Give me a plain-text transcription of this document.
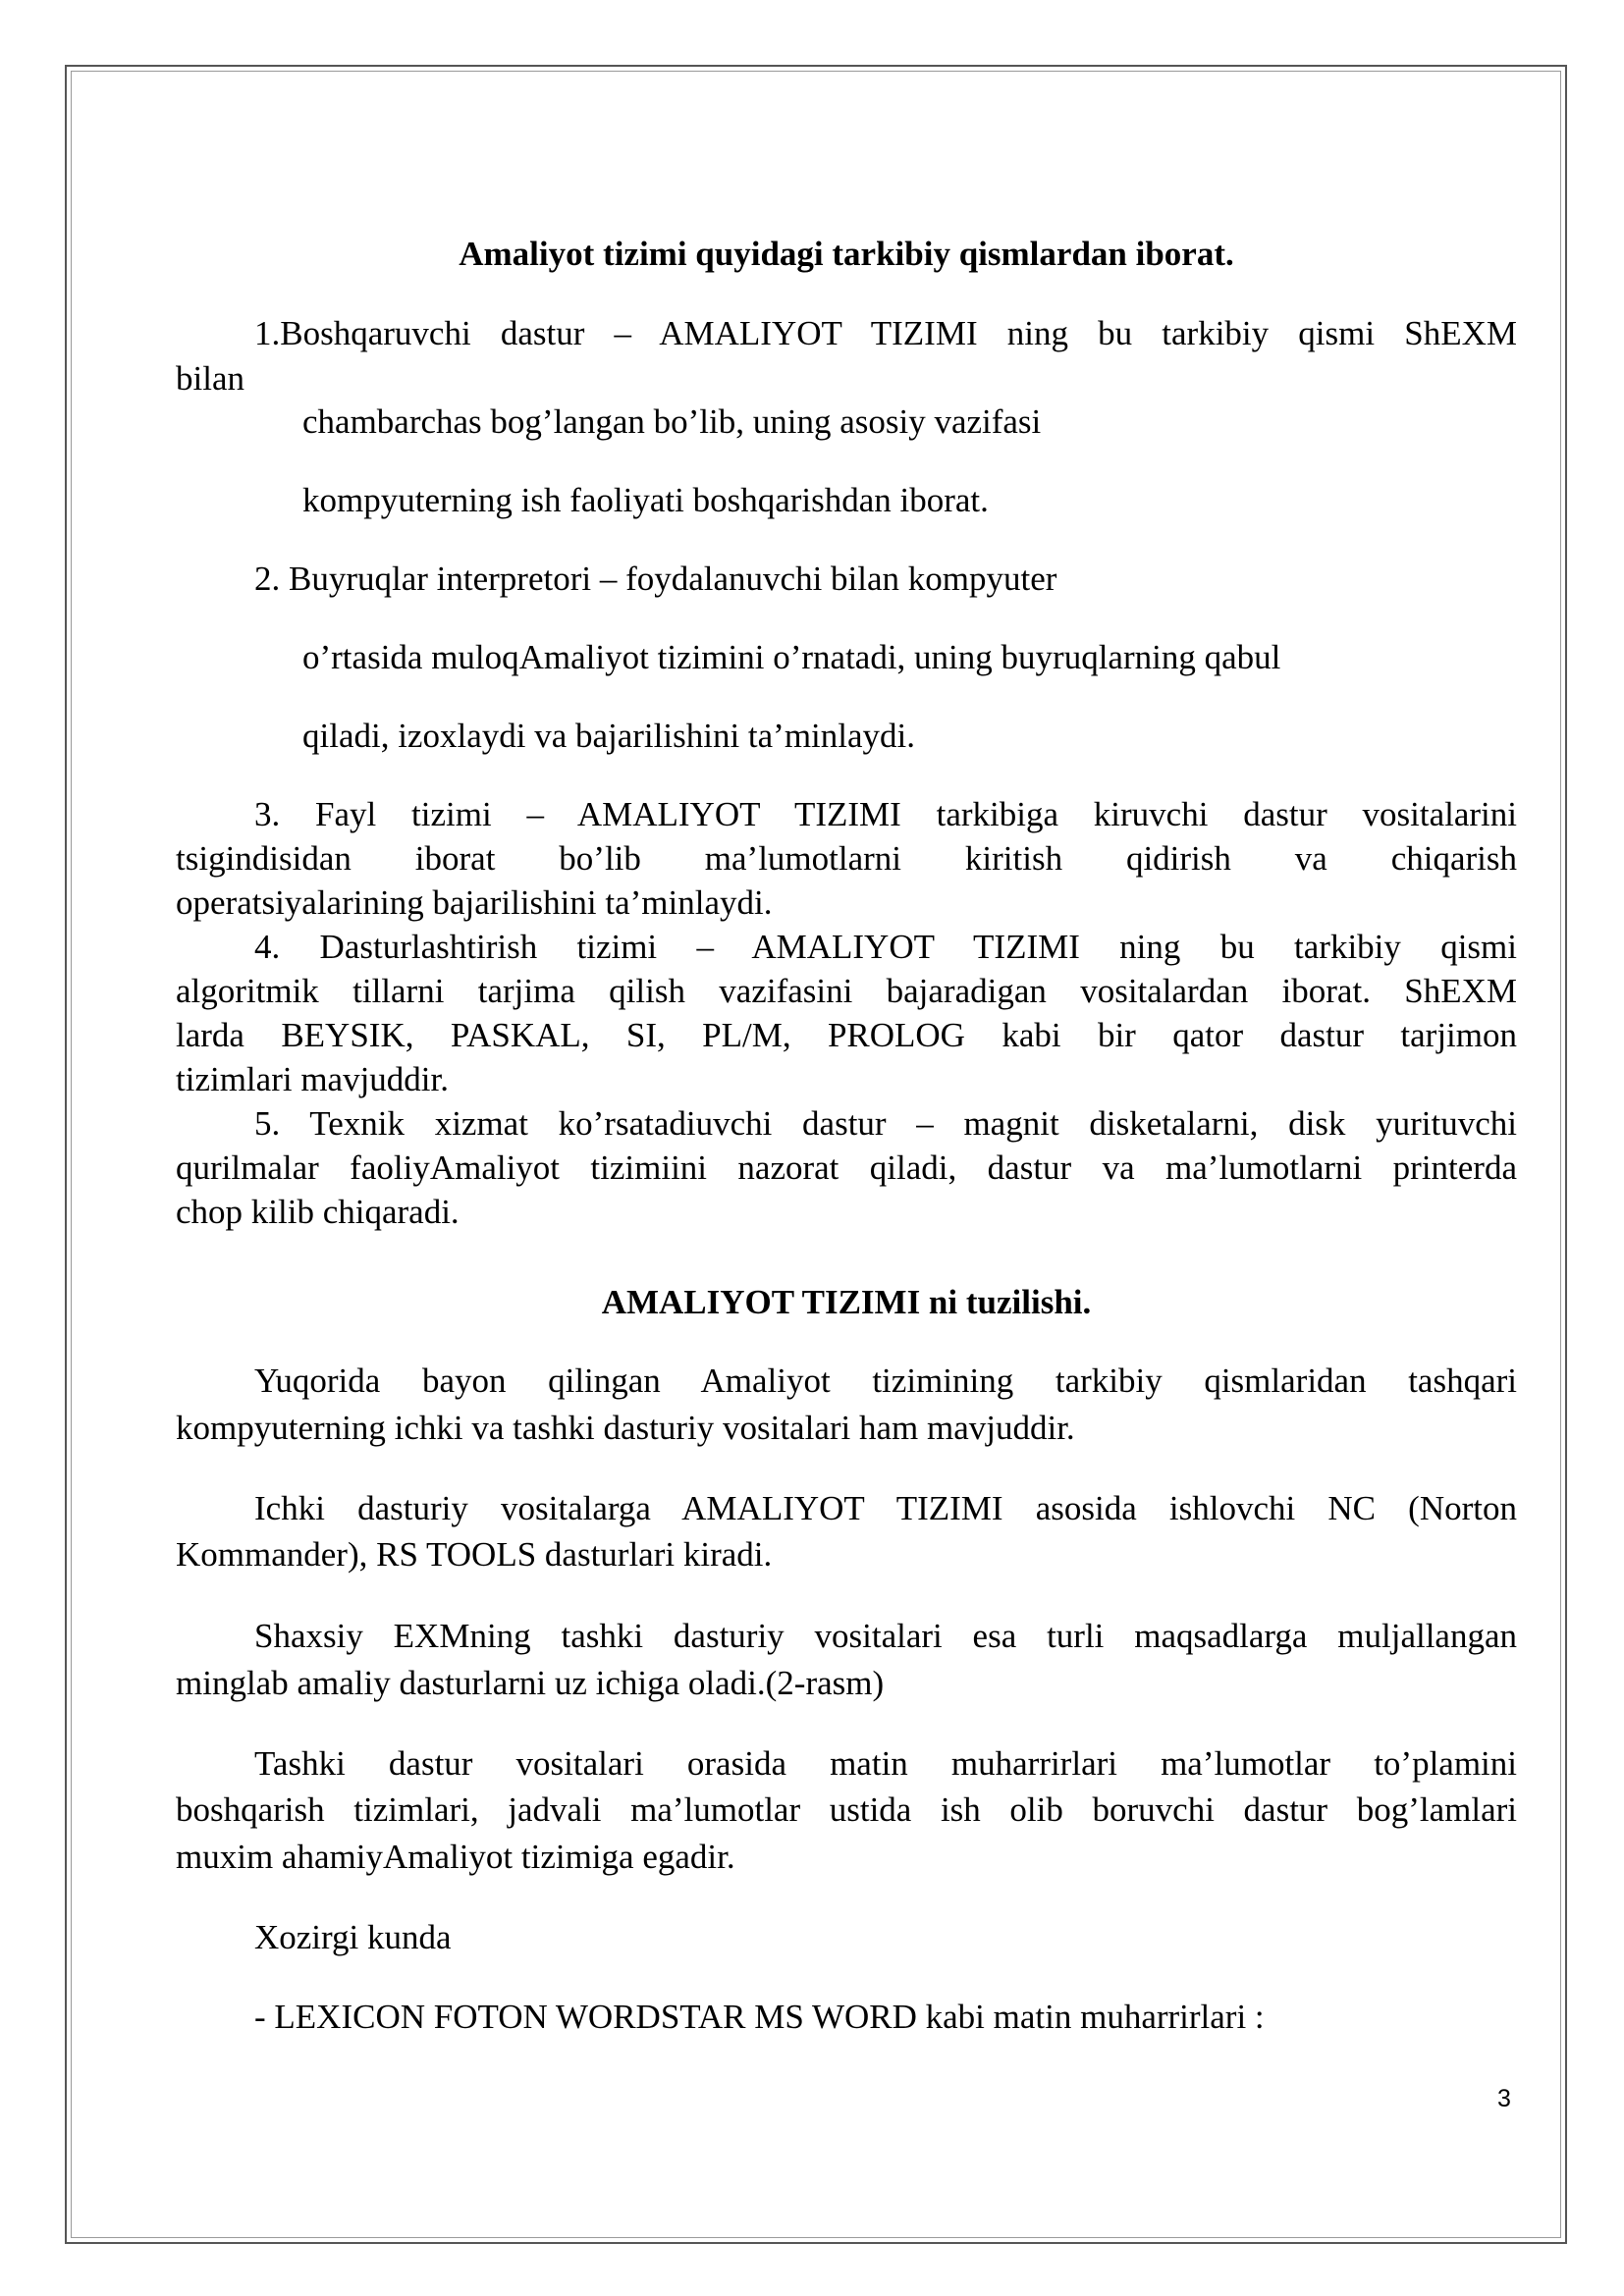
Amaliyot tizimi quyidagi tarkibiy qismlardan iborat.
1.Boshqaruvchi dastur – AMALIYOT TIZIMI ning bu tarkibiy qismi ShEXM
bilan
chambarchas bog’langan bo’lib, uning asosiy vazifasi
kompyuterning ish faoliyati boshqarishdan iborat.
2. Buyruqlar interpretori – foydalanuvchi bilan kompyuter
o’rtasida muloqAmaliyot tizimini o’rnatadi, uning buyruqlarning qabul
qiladi, izoxlaydi va bajarilishini ta’minlaydi.
3. Fayl tizimi – AMALIYOT TIZIMI tarkibiga kiruvchi dastur vositalarini
tsigindisidan iborat bo’lib ma’lumotlarni kiritish qidirish va chiqarish
operatsiyalarining bajarilishini ta’minlaydi.
4. Dasturlashtirish tizimi – AMALIYOT TIZIMI ning bu tarkibiy qismi
algoritmik tillarni tarjima qilish vazifasini bajaradigan vositalardan iborat. ShEXM
larda BEYSIK, PASKAL, SI, PL/M, PROLOG kabi bir qator dastur tarjimon
tizimlari mavjuddir.
5. Texnik xizmat ko’rsatadiuvchi dastur – magnit disketalarni, disk yurituvchi
qurilmalar faoliyAmaliyot tizimiini nazorat qiladi, dastur va ma’lumotlarni printerda
chop kilib chiqaradi.
AMALIYOT TIZIMI ni tuzilishi.
Yuqorida bayon qilingan Amaliyot tizimining tarkibiy qismlaridan tashqari
kompyuterning ichki va tashki dasturiy vositalari ham mavjuddir.
Ichki dasturiy vositalarga AMALIYOT TIZIMI asosida ishlovchi NC (Norton
Kommander), RS TOOLS dasturlari kiradi.
Shaxsiy EXMning tashki dasturiy vositalari esa turli maqsadlarga muljallangan
minglab amaliy dasturlarni uz ichiga oladi.(2-rasm)
Tashki dastur vositalari orasida matin muharrirlari ma’lumotlar to’plamini
boshqarish tizimlari, jadvali ma’lumotlar ustida ish olib boruvchi dastur bog’lamlari
muxim ahamiyAmaliyot tizimiga egadir.
Xozirgi kunda
- LEXICON FOTON WORDSTAR MS WORD kabi matin muharrirlari :
3
